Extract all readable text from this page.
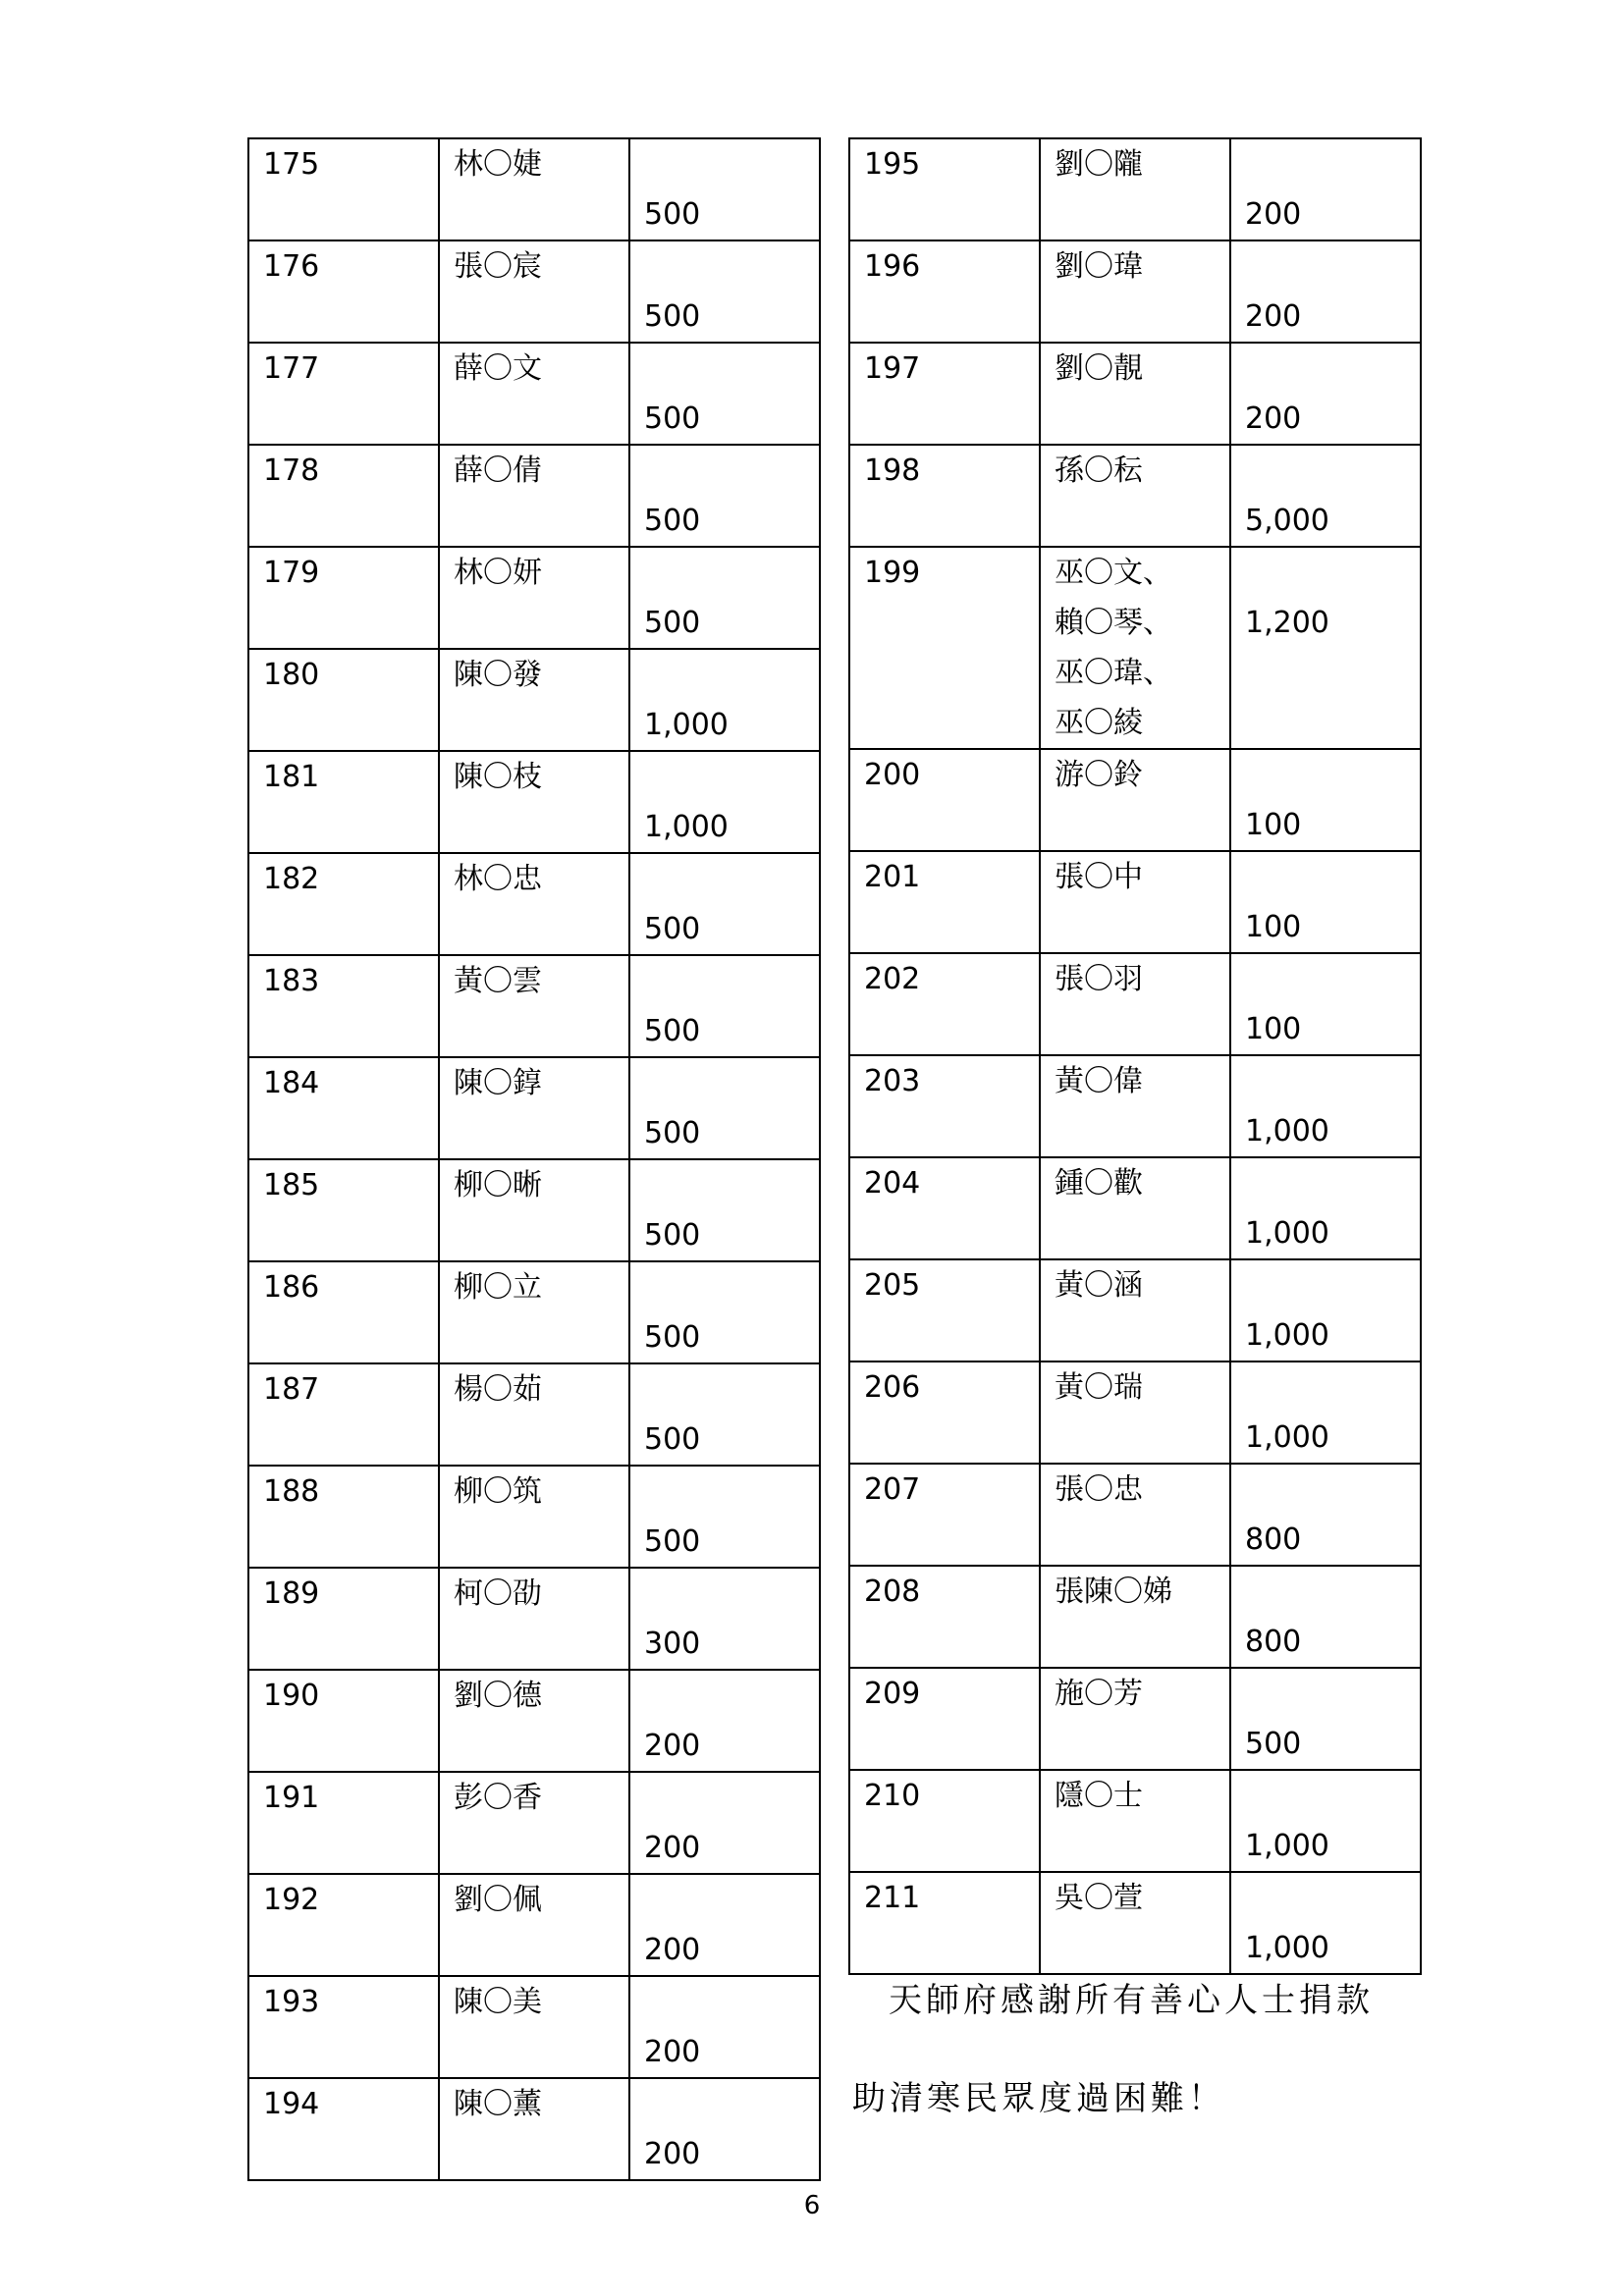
175	林〇婕	500

176	張〇宸	500

177	薛〇文	500

178	薛〇倩	500

179	林〇妍	500

180	陳〇發	1,000

181	陳〇枝	1,000

182	林〇忠	500

183	黃〇雲	500

184	陳〇錞	500

185	柳〇晰	500

186	柳〇立	500

187	楊〇茹	500

188	柳〇筑	500

189	柯〇劭	300

190	劉〇德	200

191	彭〇香	200

192	劉〇佩	200

193	陳〇美	200

194	陳〇薰	200
195	劉〇隴	200

196	劉〇瑋	200

197	劉〇靚	200

198	孫〇秐	5,000

199	巫〇文、
賴〇琴、
巫〇瑋、
巫〇綾	1,200

200	游〇鈴	100

201	張〇中	100

202	張〇羽	100

203	黃〇偉	1,000

204	鍾〇歡	1,000

205	黃〇涵	1,000

206	黃〇瑞	1,000

207	張〇忠	800

208	張陳〇娣	800

209	施〇芳	500

210	隱〇士	1,000

211	吳〇萱	1,000
天師府感謝所有善心人士捐款
助清寒民眾度過困難！
6
